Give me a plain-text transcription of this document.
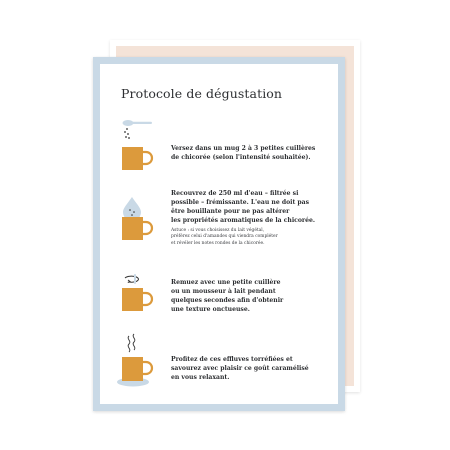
Protocole de dégustation
Versez dans un mug 2 à 3 petites cuillères
de chicorée (selon l'intensité souhaitée).
Recouvrez de 250 ml d'eau – filtrée si
possible – frémissante. L'eau ne doit pas
être bouillante pour ne pas altérer
les propriétés aromatiques de la chicorée.
Astuce : si vous choisissez du lait végétal,
préférez celui d'amandes qui viendra compléter
et révéler les notes rondes de la chicorée.
Remuez avec une petite cuillère
ou un mousseur à lait pendant
quelques secondes afin d'obtenir
une texture onctueuse.
Profitez de ces effluves torréfiées et
savourez avec plaisir ce goût caramélisé
en vous relaxant.
